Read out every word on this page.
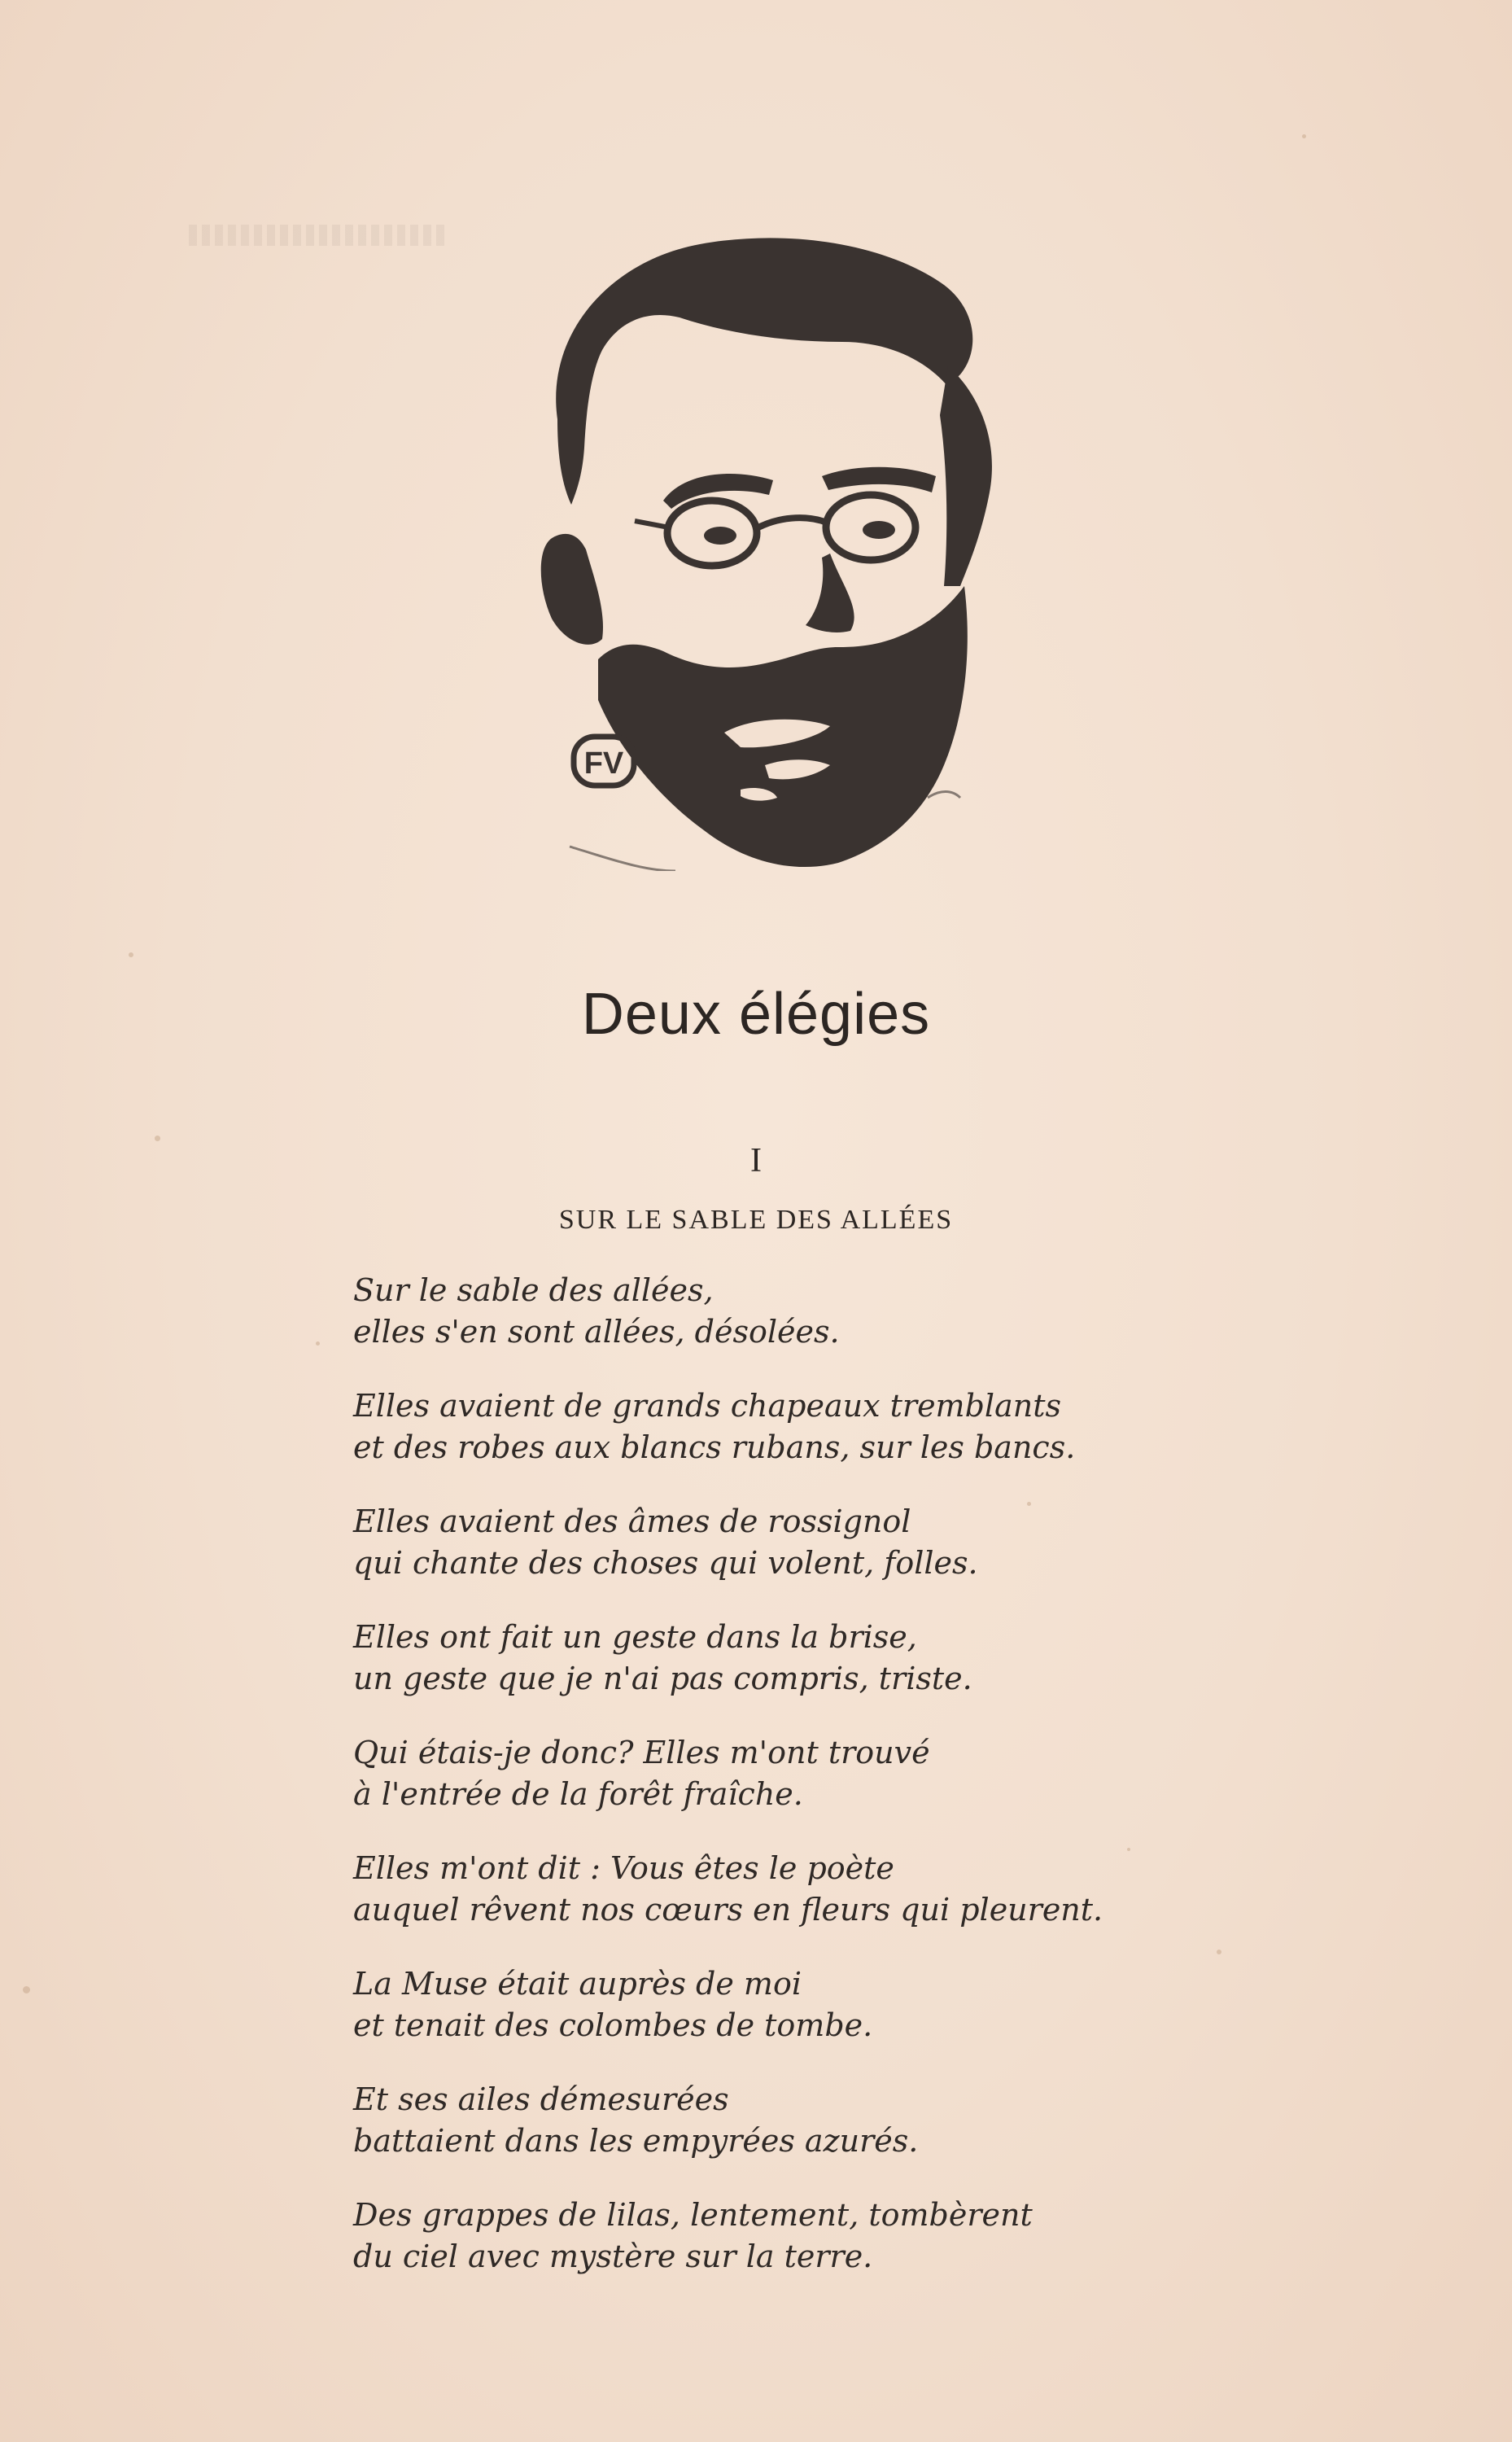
FV
Deux élégies
I
SUR LE SABLE DES ALLÉES
Sur le sable des allées,
elles s'en sont allées, désolées.
Elles avaient de grands chapeaux tremblants
et des robes aux blancs rubans, sur les bancs.
Elles avaient des âmes de rossignol
qui chante des choses qui volent, folles.
Elles ont fait un geste dans la brise,
un geste que je n'ai pas compris, triste.
Qui étais-je donc? Elles m'ont trouvé
à l'entrée de la forêt fraîche.
Elles m'ont dit : Vous êtes le poète
auquel rêvent nos cœurs en fleurs qui pleurent.
La Muse était auprès de moi
et tenait des colombes de tombe.
Et ses ailes démesurées
battaient dans les empyrées azurés.
Des grappes de lilas, lentement, tombèrent
du ciel avec mystère sur la terre.
